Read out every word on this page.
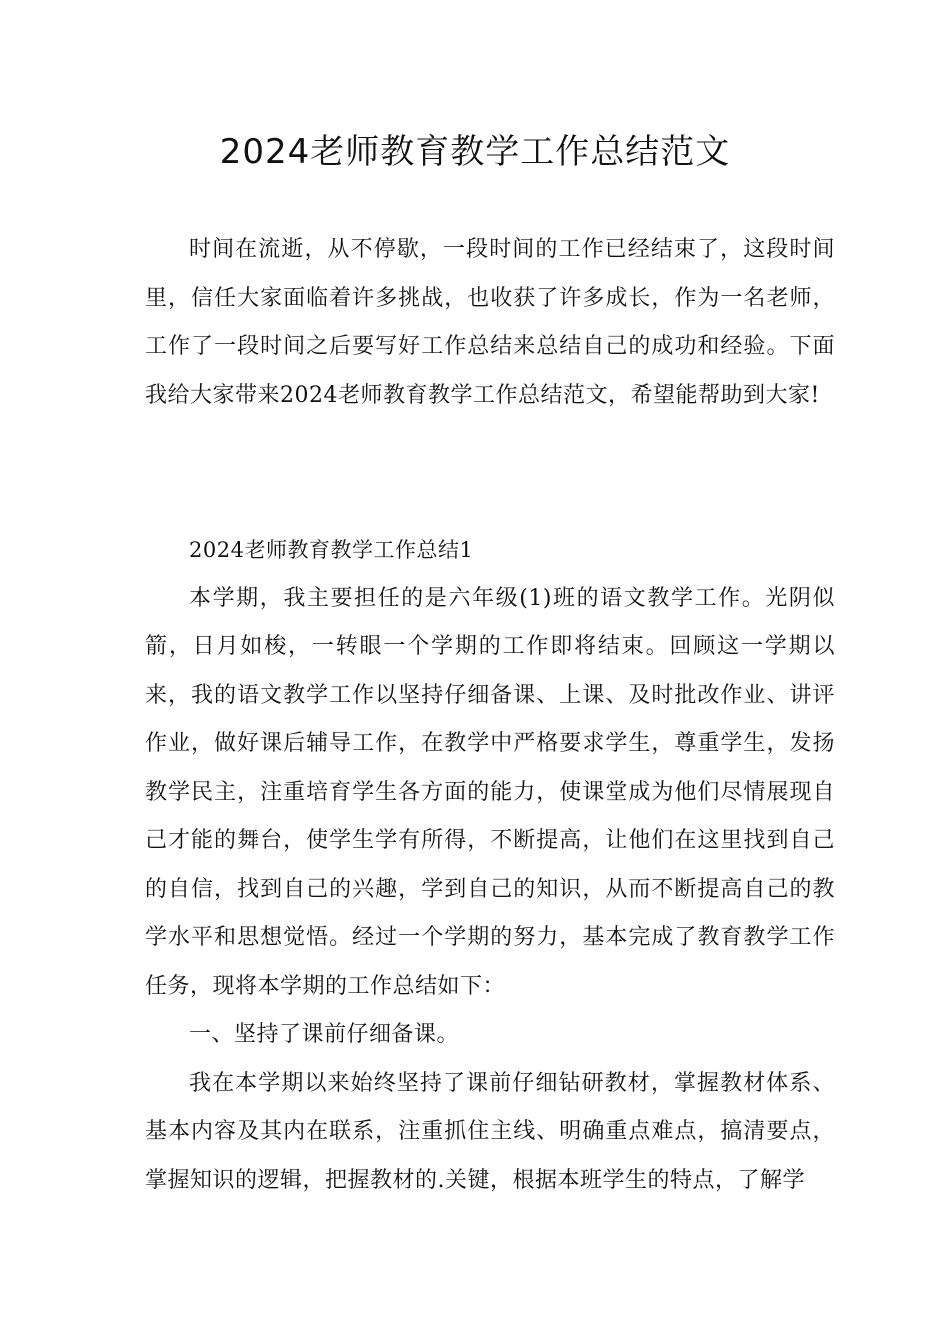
2024老师教育教学工作总结范文

时间在流逝，从不停歇，一段时间的工作已经结束了，这段时间里，信任大家面临着许多挑战，也收获了许多成长，作为一名老师，工作了一段时间之后要写好工作总结来总结自己的成功和经验。下面我给大家带来2024老师教育教学工作总结范文，希望能帮助到大家!

2024老师教育教学工作总结1

本学期，我主要担任的是六年级(1)班的语文教学工作。光阴似箭，日月如梭，一转眼一个学期的工作即将结束。回顾这一学期以来，我的语文教学工作以坚持仔细备课、上课、及时批改作业、讲评作业，做好课后辅导工作，在教学中严格要求学生，尊重学生，发扬教学民主，注重培育学生各方面的能力，使课堂成为他们尽情展现自己才能的舞台，使学生学有所得，不断提高，让他们在这里找到自己的自信，找到自己的兴趣，学到自己的知识，从而不断提高自己的教学水平和思想觉悟。经过一个学期的努力，基本完成了教育教学工作任务，现将本学期的工作总结如下：

一、坚持了课前仔细备课。

我在本学期以来始终坚持了课前仔细钻研教材，掌握教材体系、基本内容及其内在联系，注重抓住主线、明确重点难点，搞清要点，掌握知识的逻辑，把握教材的.关键，根据本班学生的特点，了解学
